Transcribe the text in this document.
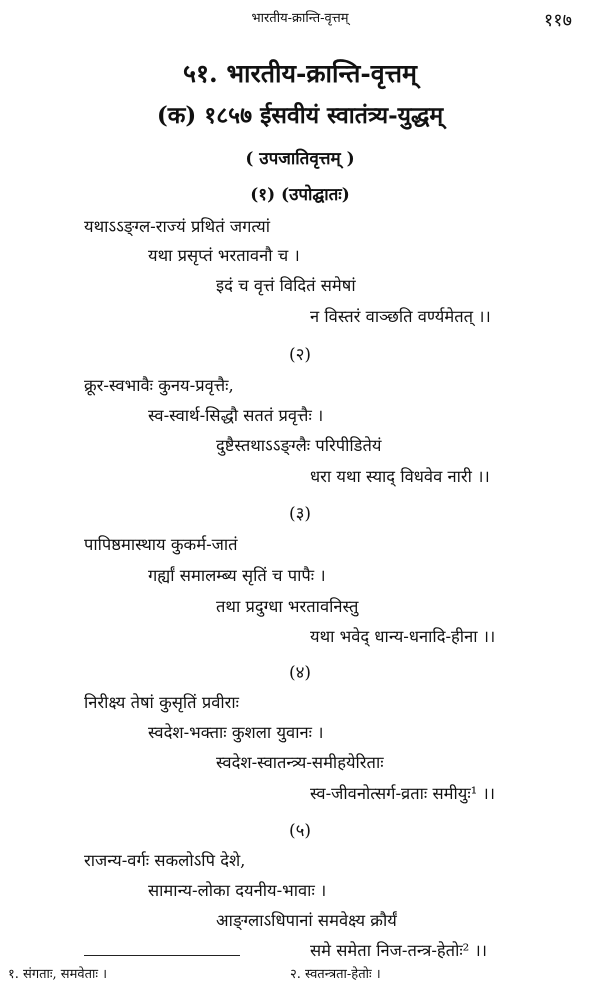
भारतीय-क्रान्ति-वृत्तम्	११७
५१. भारतीय-क्रान्ति-वृत्तम्
(क) १८५७ ईसवीयं स्वातंत्र्य-युद्धम्
( उपजातिवृत्तम् )
(१) (उपोद्घातः)
यथाऽऽङ्ग्ल-राज्यं प्रथितं जगत्यां
यथा प्रसृप्तं भरतावनौ च ।
इदं च वृत्तं विदितं समेषां
न विस्तरं वाञ्छति वर्ण्यमेतत् ।।
(२)
क्रूर-स्वभावैः कुनय-प्रवृत्तैः,
स्व-स्वार्थ-सिद्धौ सततं प्रवृत्तैः ।
दुष्टैस्तथाऽऽङ्ग्लैः परिपीडितेयं
धरा यथा स्याद् विधवेव नारी ।।
(३)
पापिष्ठमास्थाय कुकर्म-जातं
गर्ह्यां समालम्ब्य सृतिं च पापैः ।
तथा प्रदुग्धा भरतावनिस्तु
यथा भवेद् धान्य-धनादि-हीना ।।
(४)
निरीक्ष्य तेषां कुसृतिं प्रवीराः
स्वदेश-भक्ताः कुशला युवानः ।
स्वदेश-स्वातन्त्र्य-समीहयेरिताः
स्व-जीवनोत्सर्ग-व्रताः समीयुः¹ ।।
(५)
राजन्य-वर्गः सकलोऽपि देशे,
सामान्य-लोका दयनीय-भावाः ।
आङ्ग्लाऽधिपानां समवेक्ष्य क्रौर्यं
समे समेता निज-तन्त्र-हेतोः² ।।
१. संगताः, समवेताः ।	२. स्वतन्त्रता-हेतोः ।
